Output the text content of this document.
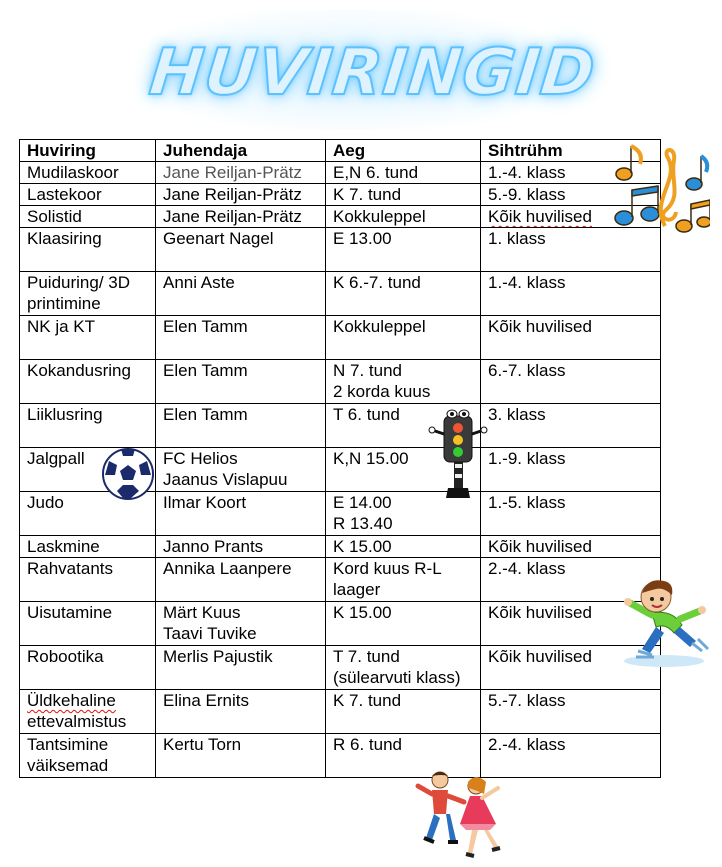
HUVIRINGID
Huviring	Juhendaja	Aeg	Sihtrühm

Mudilaskoor	Jane Reiljan-Prätz	E,N 6. tund	1.-4. klass

Lastekoor	Jane Reiljan-Prätz	K 7. tund	5.-9. klass

Solistid	Jane Reiljan-Prätz	Kokkuleppel	Kõik huvilised

Klaasiring	Geenart Nagel	E 13.00	1. klass

Puiduring/ 3D
printimine	Anni Aste	K 6.-7. tund	1.-4. klass

NK ja KT	Elen Tamm	Kokkuleppel	Kõik huvilised

Kokandusring	Elen Tamm	N 7. tund
2 korda kuus	6.-7. klass

Liiklusring	Elen Tamm	T 6. tund	3. klass

Jalgpall	FC Helios
Jaanus Vislapuu	K,N 15.00	1.-9. klass

Judo	Ilmar Koort	E 14.00
R 13.40	1.-5. klass

Laskmine	Janno Prants	K 15.00	Kõik huvilised

Rahvatants	Annika Laanpere	Kord kuus R-L
laager	2.-4. klass

Uisutamine	Märt Kuus
Taavi Tuvike	K 15.00	Kõik huvilised

Robootika	Merlis Pajustik	T 7. tund
(sülearvuti klass)	Kõik huvilised

Üldkehaline
ettevalmistus	Elina Ernits	K 7. tund	5.-7. klass

Tantsimine
väiksemad	Kertu Torn	R 6. tund	2.-4. klass
